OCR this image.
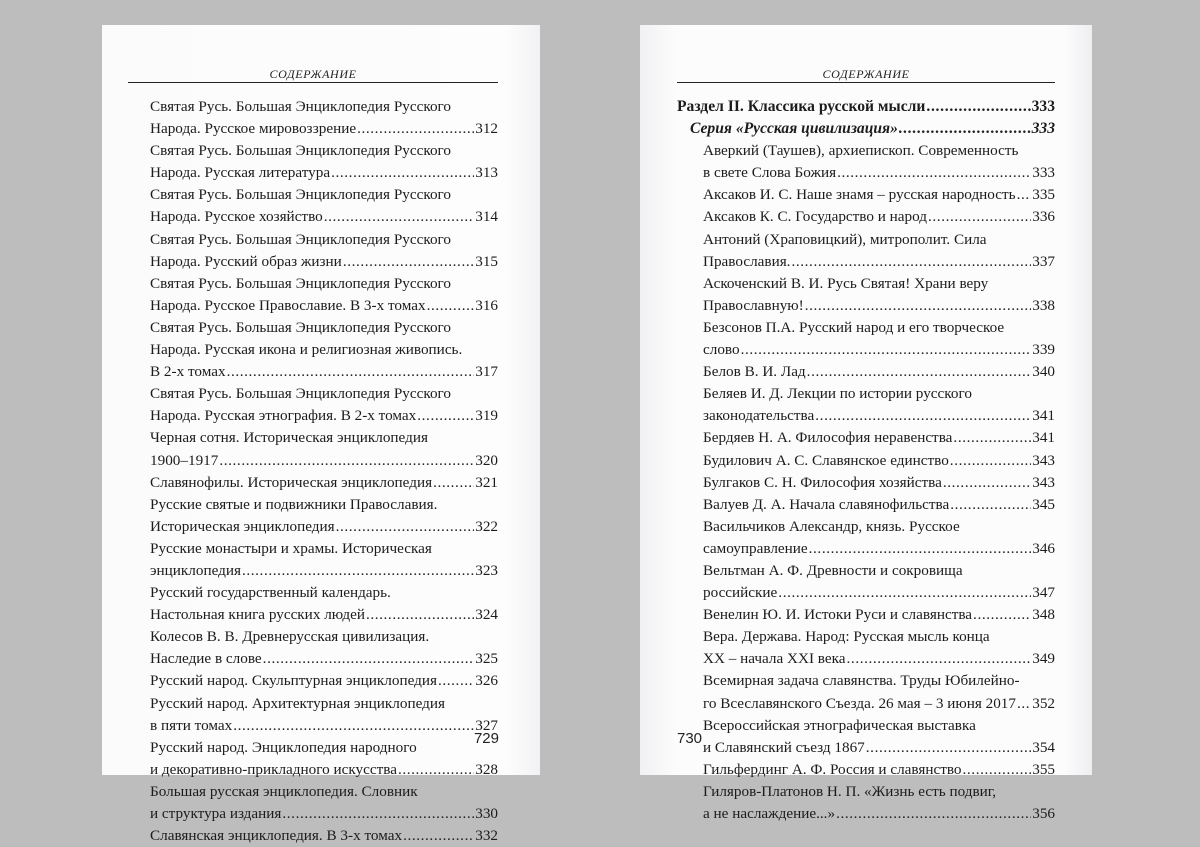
СОДЕРЖАНИЕ
Святая Русь. Большая Энциклопедия Русского
Народа. Русское мировоззрение . . .	312
Святая Русь. Большая Энциклопедия Русского
Народа. Русская литература . . .	313
Святая Русь. Большая Энциклопедия Русского
Народа. Русское хозяйство . . .	314
Святая Русь. Большая Энциклопедия Русского
Народа. Русский образ жизни . . .	315
Святая Русь. Большая Энциклопедия Русского
Народа. Русское Православие. В 3-х томах . . .	316
Святая Русь. Большая Энциклопедия Русского
Народа. Русская икона и религиозная живопись.
В 2-х томах . . .	317
Святая Русь. Большая Энциклопедия Русского
Народа. Русская этнография. В 2-х томах . . .	319
Черная сотня. Историческая энциклопедия
1900–1917 . . .	320
Славянофилы. Историческая энциклопедия . . .	321
Русские святые и подвижники Православия.
Историческая энциклопедия . . .	322
Русские монастыри и храмы. Историческая
энциклопедия . . .	323
Русский государственный календарь.
Настольная книга русских людей . . .	324
Колесов В. В. Древнерусская цивилизация.
Наследие в слове . . .	325
Русский народ. Скульптурная энциклопедия . . .	326
Русский народ. Архитектурная энциклопедия
в пяти томах . . .	327
Русский народ. Энциклопедия народного
и декоративно-прикладного искусства . . .	328
Большая русская энциклопедия. Словник
и структура издания . . .	330
Славянская энциклопедия. В 3-х томах . . .	332
729
СОДЕРЖАНИЕ
Раздел II. Классика русской мысли . . .	333
Серия «Русская цивилизация» . . .	333
Аверкий (Таушев), архиепископ. Современность
в свете Слова Божия . . .	333
Аксаков И. С. Наше знамя – русская народность . . . 335
Аксаков К. С. Государство и народ . . .	336
Антоний (Храповицкий), митрополит. Сила
Православия. . . .	337
Аскоченский В. И. Русь Святая! Храни веру
Православную! . . .	338
Безсонов П.А. Русский народ и его творческое
слово . . .	339
Белов В. И. Лад . . .	340
Беляев И. Д. Лекции по истории русского
законодательства . . .	341
Бердяев Н. А. Философия неравенства . . .	341
Будилович А. С. Славянское единство . . .	343
Булгаков С. Н. Философия хозяйства . . .	343
Валуев Д. А. Начала славянофильства . . .	345
Васильчиков Александр, князь. Русское
самоуправление . . .	346
Вельтман А. Ф. Древности и сокровища
российские . . .	347
Венелин Ю. И. Истоки Руси и славянства . . .	348
Вера. Держава. Народ: Русская мысль конца
XX – начала XXI века . . .	349
Всемирная задача славянства. Труды Юбилейно-
го Всеславянского Съезда. 26 мая – 3 июня 2017 . . . 352
Всероссийская этнографическая выставка
и Славянский съезд 1867 . . .	354
Гильфердинг А. Ф. Россия и славянство . . .	355
Гиляров-Платонов Н. П. «Жизнь есть подвиг,
а не наслаждение...» . . .	356
730
